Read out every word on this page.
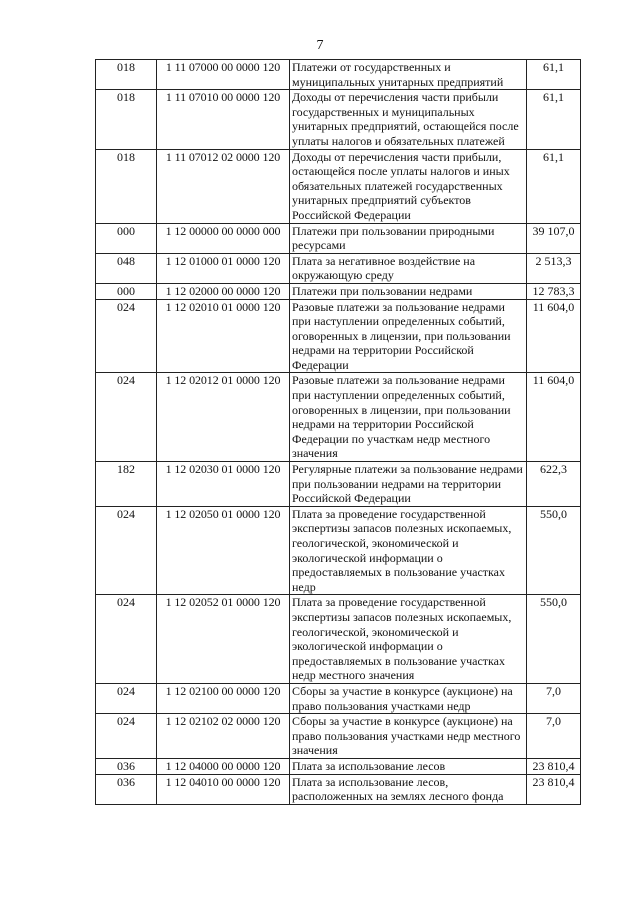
7
018	1 11 07000 00 0000 120	Платежи от государственных и муниципальных унитарных предприятий	61,1
018	1 11 07010 00 0000 120	Доходы от перечисления части прибыли государственных и муниципальных унитарных предприятий, остающейся после уплаты налогов и обязательных платежей	61,1
018	1 11 07012 02 0000 120	Доходы от перечисления части прибыли, остающейся после уплаты налогов и иных обязательных платежей государственных унитарных предприятий субъектов Российской Федерации	61,1
000	1 12 00000 00 0000 000	Платежи при пользовании природными ресурсами	39 107,0
048	1 12 01000 01 0000 120	Плата за негативное воздействие на окружающую среду	2 513,3
000	1 12 02000 00 0000 120	Платежи при пользовании недрами	12 783,3
024	1 12 02010 01 0000 120	Разовые платежи за пользование недрами при наступлении определенных событий, оговоренных в лицензии, при пользовании недрами на территории Российской Федерации	11 604,0
024	1 12 02012 01 0000 120	Разовые платежи за пользование недрами при наступлении определенных событий, оговоренных в лицензии, при пользовании недрами на территории Российской Федерации по участкам недр местного значения	11 604,0
182	1 12 02030 01 0000 120	Регулярные платежи за пользование недрами при пользовании недрами на территории Российской Федерации	622,3
024	1 12 02050 01 0000 120	Плата за проведение государственной экспертизы запасов полезных ископаемых, геологической, экономической и экологической информации о предоставляемых в пользование участках недр	550,0
024	1 12 02052 01 0000 120	Плата за проведение государственной экспертизы запасов полезных ископаемых, геологической, экономической и экологической информации о предоставляемых в пользование участках недр местного значения	550,0
024	1 12 02100 00 0000 120	Сборы за участие в конкурсе (аукционе) на право пользования участками недр	7,0
024	1 12 02102 02 0000 120	Сборы за участие в конкурсе (аукционе) на право пользования участками недр местного значения	7,0
036	1 12 04000 00 0000 120	Плата за использование лесов	23 810,4
036	1 12 04010 00 0000 120	Плата за использование лесов, расположенных на землях лесного фонда	23 810,4
